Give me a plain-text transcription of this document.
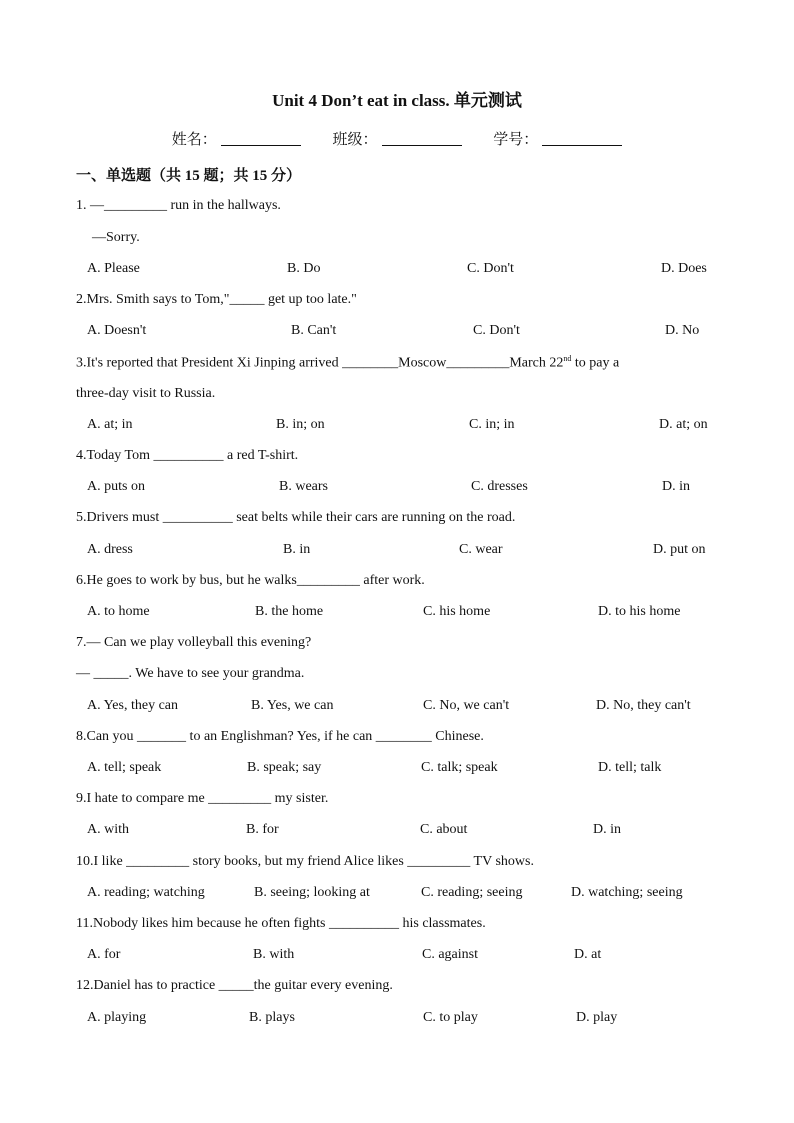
Unit 4 Don’t eat in class. 单元测试
姓名：	班级：	学号：
一、单选题（共 15 题；共 15 分）
1. —_________ run in the hallways.
—Sorry.
A. Please	B. Do	C. Don't	D. Does
2.Mrs. Smith says to Tom,"_____ get up too late."
A. Doesn't	B. Can't	C. Don't	D. No
3.It's reported that President Xi Jinping arrived ________Moscow_________March 22nd to pay a
three-day visit to Russia.
A. at; in	B. in; on	C. in; in	D. at; on
4.Today Tom __________ a red T-shirt.
A. puts on	B. wears	C. dresses	D. in
5.Drivers must __________ seat belts while their cars are running on the road.
A. dress	B. in	C. wear	D. put on
6.He goes to work by bus, but he walks_________ after work.
A. to home	B. the home	C. his home	D. to his home
7.— Can we play volleyball this evening?
— _____. We have to see your grandma.
A. Yes, they can	B. Yes, we can	C. No, we can't	D. No, they can't
8.Can you _______ to an Englishman? Yes, if he can ________ Chinese.
A. tell; speak	B. speak; say	C. talk; speak	D. tell; talk
9.I hate to compare me _________ my sister.
A. with	B. for	C. about	D. in
10.I like _________ story books, but my friend Alice likes _________ TV shows.
A. reading; watching	B. seeing; looking at	C. reading; seeing	D. watching; seeing
11.Nobody likes him because he often fights __________ his classmates.
A. for	B. with	C. against	D. at
12.Daniel has to practice _____the guitar every evening.
A. playing	B. plays	C. to play	D. play
